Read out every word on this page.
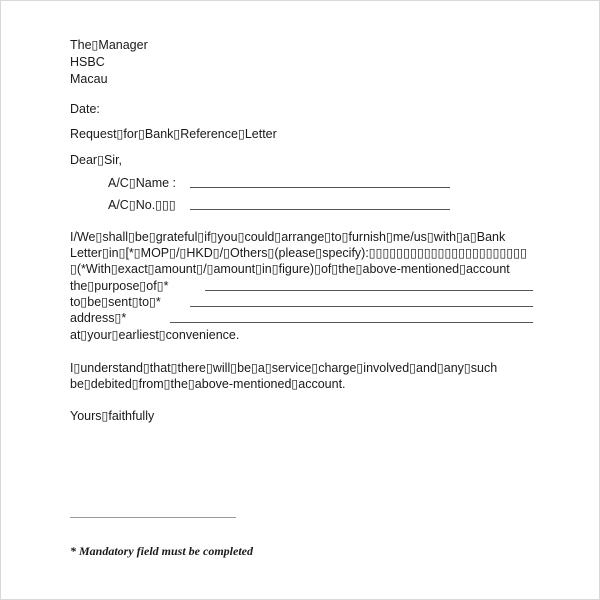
The▯Manager
HSBC
Macau
Date:
Request▯for▯Bank▯Reference▯Letter
Dear▯Sir,
A/C▯Name :
A/C▯No.▯▯▯
I/We▯shall▯be▯grateful▯if▯you▯could▯arrange▯to▯furnish▯me/us▯with▯a▯Bank
Letter▯in▯[*▯MOP▯/▯HKD▯/▯Others▯(please▯specify):▯▯▯▯▯▯▯▯▯▯▯▯▯▯▯▯▯▯▯▯▯▯▯
▯(*With▯exact▯amount▯/▯amount▯in▯figure)▯of▯the▯above-mentioned▯account
the▯purpose▯of▯*
to▯be▯sent▯to▯*
address▯*
at▯your▯earliest▯convenience.
I▯understand▯that▯there▯will▯be▯a▯service▯charge▯involved▯and▯any▯such
be▯debited▯from▯the▯above-mentioned▯account.
Yours▯faithfully
* Mandatory field must be completed
